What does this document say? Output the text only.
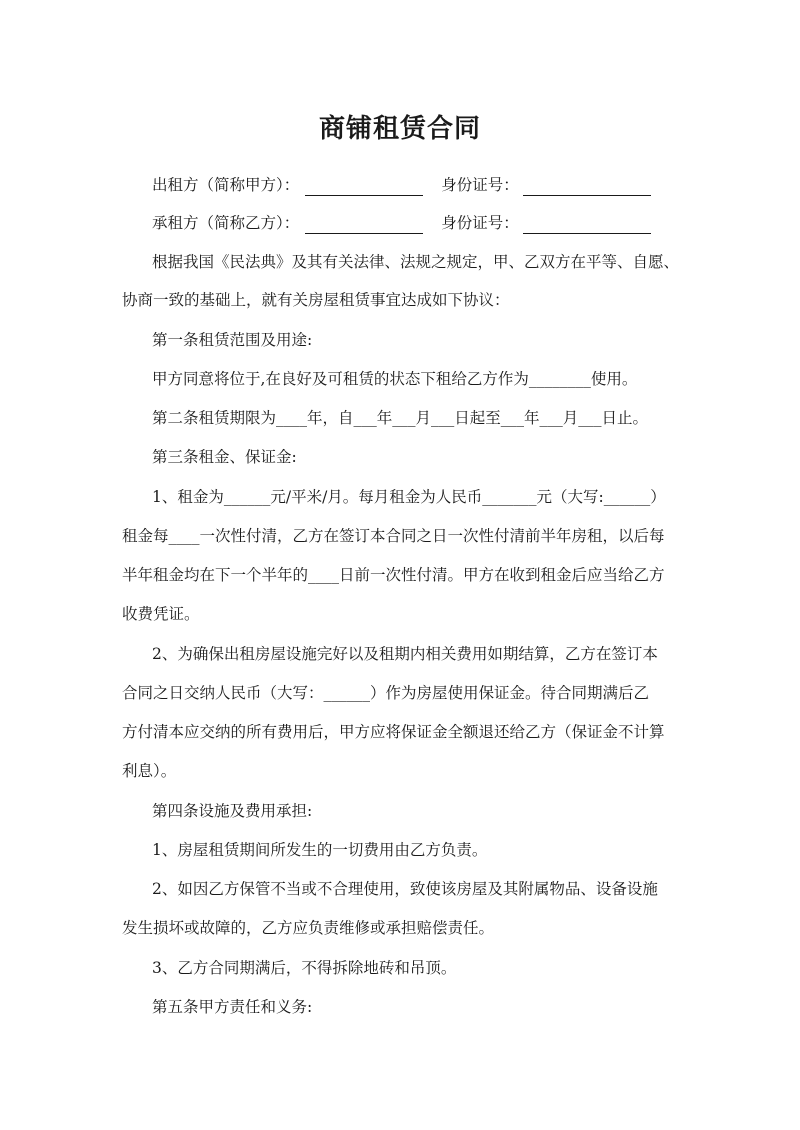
商铺租赁合同
出租方（简称甲方）：	身份证号：
承租方（简称乙方）：	身份证号：
根据我国《民法典》及其有关法律、法规之规定，甲、乙双方在平等、自愿、
协商一致的基础上，就有关房屋租赁事宜达成如下协议：
第一条租赁范围及用途:
甲方同意将位于,在良好及可租赁的状态下租给乙方作为________使用。
第二条租赁期限为____年，自___年___月___日起至___年___月___日止。
第三条租金、保证金:
1、租金为______元/平米/月。每月租金为人民币_______元（大写:______）
租金每____一次性付清，乙方在签订本合同之日一次性付清前半年房租，以后每
半年租金均在下一个半年的____日前一次性付清。甲方在收到租金后应当给乙方
收费凭证。
2、为确保出租房屋设施完好以及租期内相关费用如期结算，乙方在签订本
合同之日交纳人民币（大写：______）作为房屋使用保证金。待合同期满后乙
方付清本应交纳的所有费用后，甲方应将保证金全额退还给乙方（保证金不计算
利息）。
第四条设施及费用承担:
1、房屋租赁期间所发生的一切费用由乙方负责。
2、如因乙方保管不当或不合理使用，致使该房屋及其附属物品、设备设施
发生损坏或故障的，乙方应负责维修或承担赔偿责任。
3、乙方合同期满后，不得拆除地砖和吊顶。
第五条甲方责任和义务:
